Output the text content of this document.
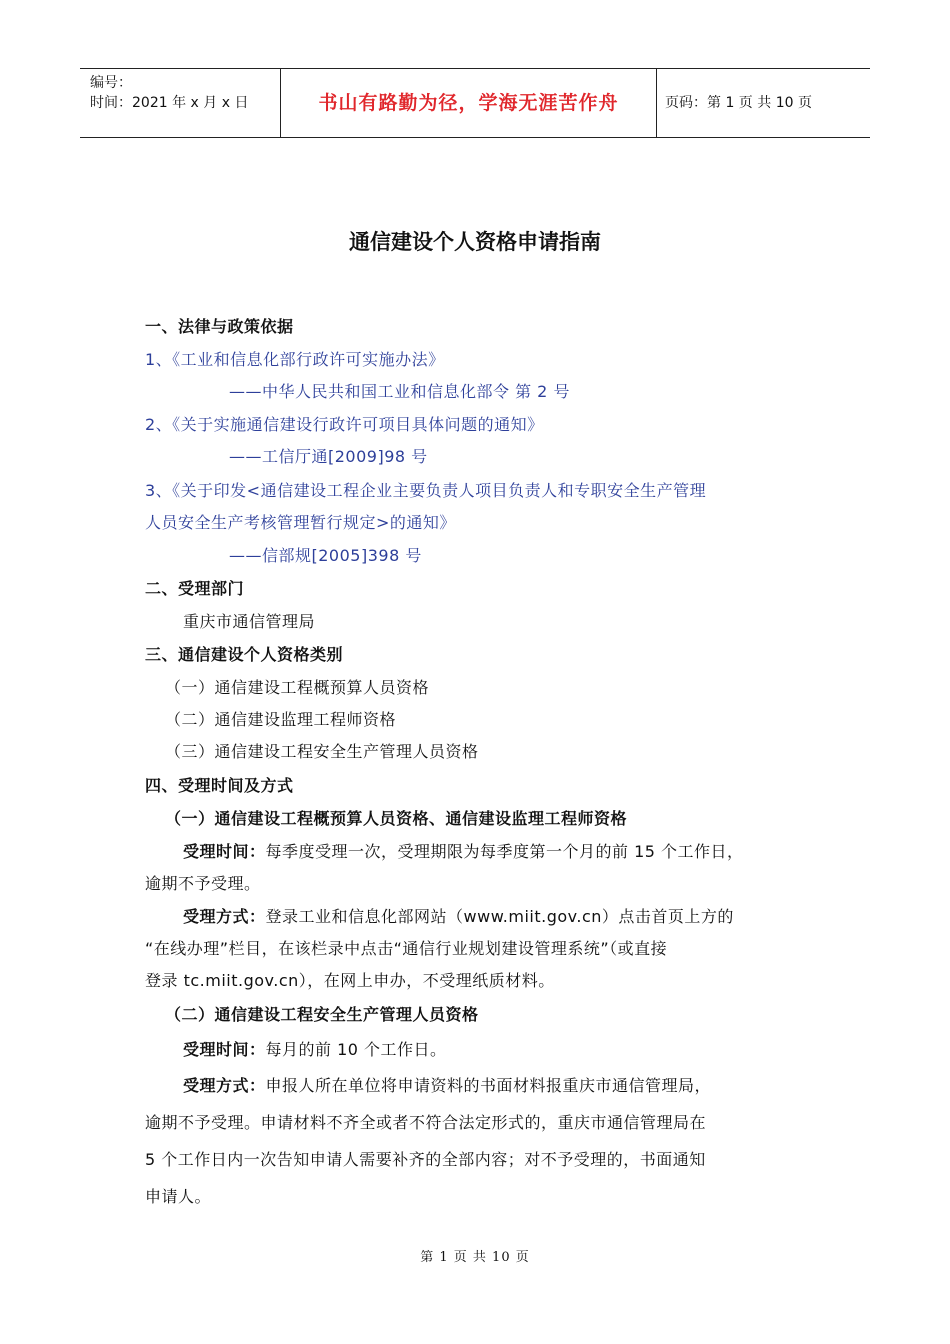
编号：
时间：2021 年 x 月 x 日	书山有路勤为径，学海无涯苦作舟	页码：第 1 页 共 10 页
通信建设个人资格申请指南
一、法律与政策依据
1、《工业和信息化部行政许可实施办法》
——中华人民共和国工业和信息化部令 第 2 号
2、《关于实施通信建设行政许可项目具体问题的通知》
——工信厅通[2009]98 号
3、《关于印发<通信建设工程企业主要负责人项目负责人和专职安全生产管理
人员安全生产考核管理暂行规定>的通知》
——信部规[2005]398 号
二、受理部门
重庆市通信管理局
三、通信建设个人资格类别
（一）通信建设工程概预算人员资格
（二）通信建设监理工程师资格
（三）通信建设工程安全生产管理人员资格
四、受理时间及方式
（一）通信建设工程概预算人员资格、通信建设监理工程师资格
受理时间：每季度受理一次，受理期限为每季度第一个月的前 15 个工作日，
逾期不予受理。
受理方式：登录工业和信息化部网站（www.miit.gov.cn）点击首页上方的
“在线办理”栏目，在该栏录中点击“通信行业规划建设管理系统”（或直接
登录 tc.miit.gov.cn），在网上申办，不受理纸质材料。
（二）通信建设工程安全生产管理人员资格
受理时间：每月的前 10 个工作日。
受理方式：申报人所在单位将申请资料的书面材料报重庆市通信管理局，
逾期不予受理。申请材料不齐全或者不符合法定形式的，重庆市通信管理局在
5 个工作日内一次告知申请人需要补齐的全部内容；对不予受理的，书面通知
申请人。
第 1 页 共 10 页
